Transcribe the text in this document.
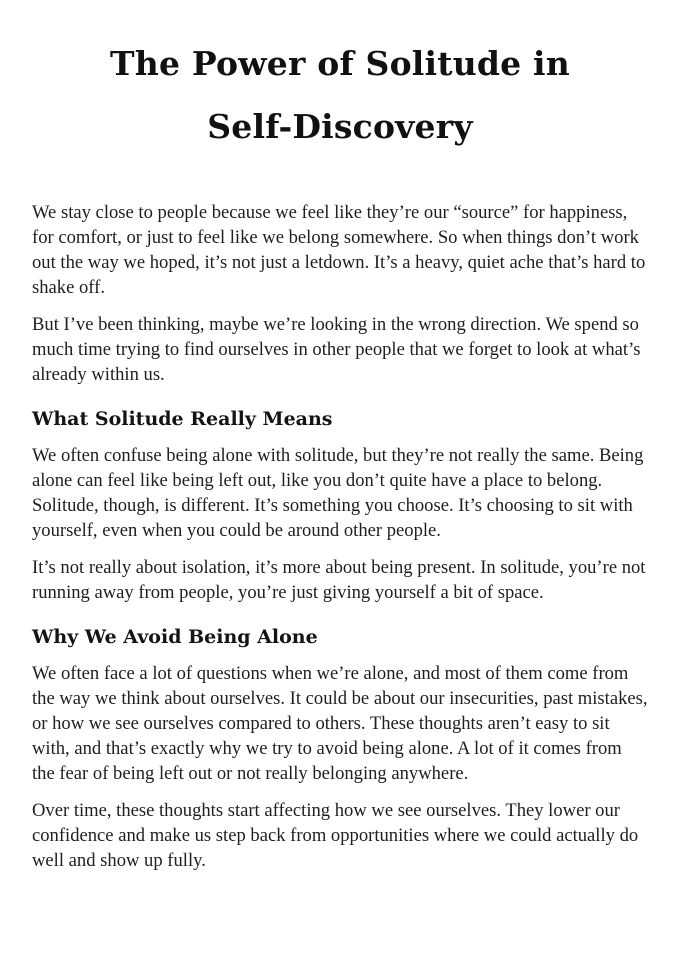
The Power of Solitude in Self-Discovery

We stay close to people because we feel like they’re our “source” for happiness, for comfort, or just to feel like we belong somewhere. So when things don’t work out the way we hoped, it’s not just a letdown. It’s a heavy, quiet ache that’s hard to shake off.

But I’ve been thinking, maybe we’re looking in the wrong direction. We spend so much time trying to find ourselves in other people that we forget to look at what’s already within us.

What Solitude Really Means

We often confuse being alone with solitude, but they’re not really the same. Being alone can feel like being left out, like you don’t quite have a place to belong. Solitude, though, is different. It’s something you choose. It’s choosing to sit with yourself, even when you could be around other people.

It’s not really about isolation, it’s more about being present. In solitude, you’re not running away from people, you’re just giving yourself a bit of space.

Why We Avoid Being Alone

We often face a lot of questions when we’re alone, and most of them come from the way we think about ourselves. It could be about our insecurities, past mistakes, or how we see ourselves compared to others. These thoughts aren’t easy to sit with, and that’s exactly why we try to avoid being alone. A lot of it comes from the fear of being left out or not really belonging anywhere.

Over time, these thoughts start affecting how we see ourselves. They lower our confidence and make us step back from opportunities where we could actually do well and show up fully.
